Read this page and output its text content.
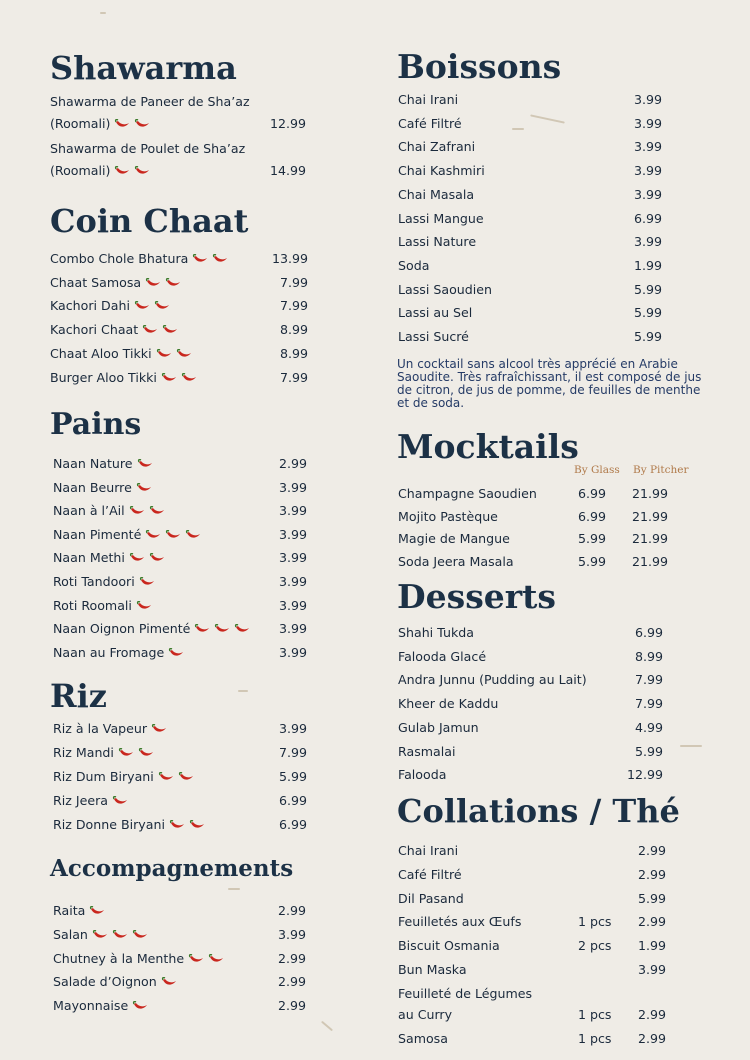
Shawarma
Coin Chaat
Pains
Riz
Accompagnements
Boissons
Un cocktail sans alcool très apprécié en Arabie Saoudite. Très rafraîchissant, il est composé de jus de citron, de jus de pomme, de feuilles de menthe et de soda.
Mocktails
By Glass By Pitcher
Desserts
Collations / Thé
Shawarma de Paneer de Sha’az
(Roomali)	12.99
Shawarma de Poulet de Sha’az
(Roomali)	14.99
Combo Chole Bhatura	13.99
Chaat Samosa	7.99
Kachori Dahi	7.99
Kachori Chaat	8.99
Chaat Aloo Tikki	8.99
Burger Aloo Tikki	7.99
Naan Nature	2.99
Naan Beurre	3.99
Naan à l’Ail	3.99
Naan Pimenté	3.99
Naan Methi	3.99
Roti Tandoori	3.99
Roti Roomali	3.99
Naan Oignon Pimenté	3.99
Naan au Fromage	3.99
Riz à la Vapeur	3.99
Riz Mandi	7.99
Riz Dum Biryani	5.99
Riz Jeera	6.99
Riz Donne Biryani	6.99
Raita	2.99
Salan	3.99
Chutney à la Menthe	2.99
Salade d’Oignon	2.99
Mayonnaise	2.99
Chai Irani	3.99
Café Filtré	3.99
Chai Zafrani	3.99
Chai Kashmiri	3.99
Chai Masala	3.99
Lassi Mangue	6.99
Lassi Nature	3.99
Soda	1.99
Lassi Saoudien	5.99
Lassi au Sel	5.99
Lassi Sucré	5.99
Champagne Saoudien	6.99 21.99
Mojito Pastèque	6.99 21.99
Magie de Mangue	5.99 21.99
Soda Jeera Masala	5.99 21.99
Shahi Tukda	6.99
Falooda Glacé	8.99
Andra Junnu (Pudding au Lait)	7.99
Kheer de Kaddu	7.99
Gulab Jamun	4.99
Rasmalai	5.99
Falooda	12.99
Chai Irani	2.99
Café Filtré	2.99
Dil Pasand	5.99
Feuilletés aux Œufs	1 pcs 2.99
Biscuit Osmania	2 pcs 1.99
Bun Maska	3.99
Feuilleté de Légumes
au Curry	1 pcs 2.99
Samosa	1 pcs 2.99
